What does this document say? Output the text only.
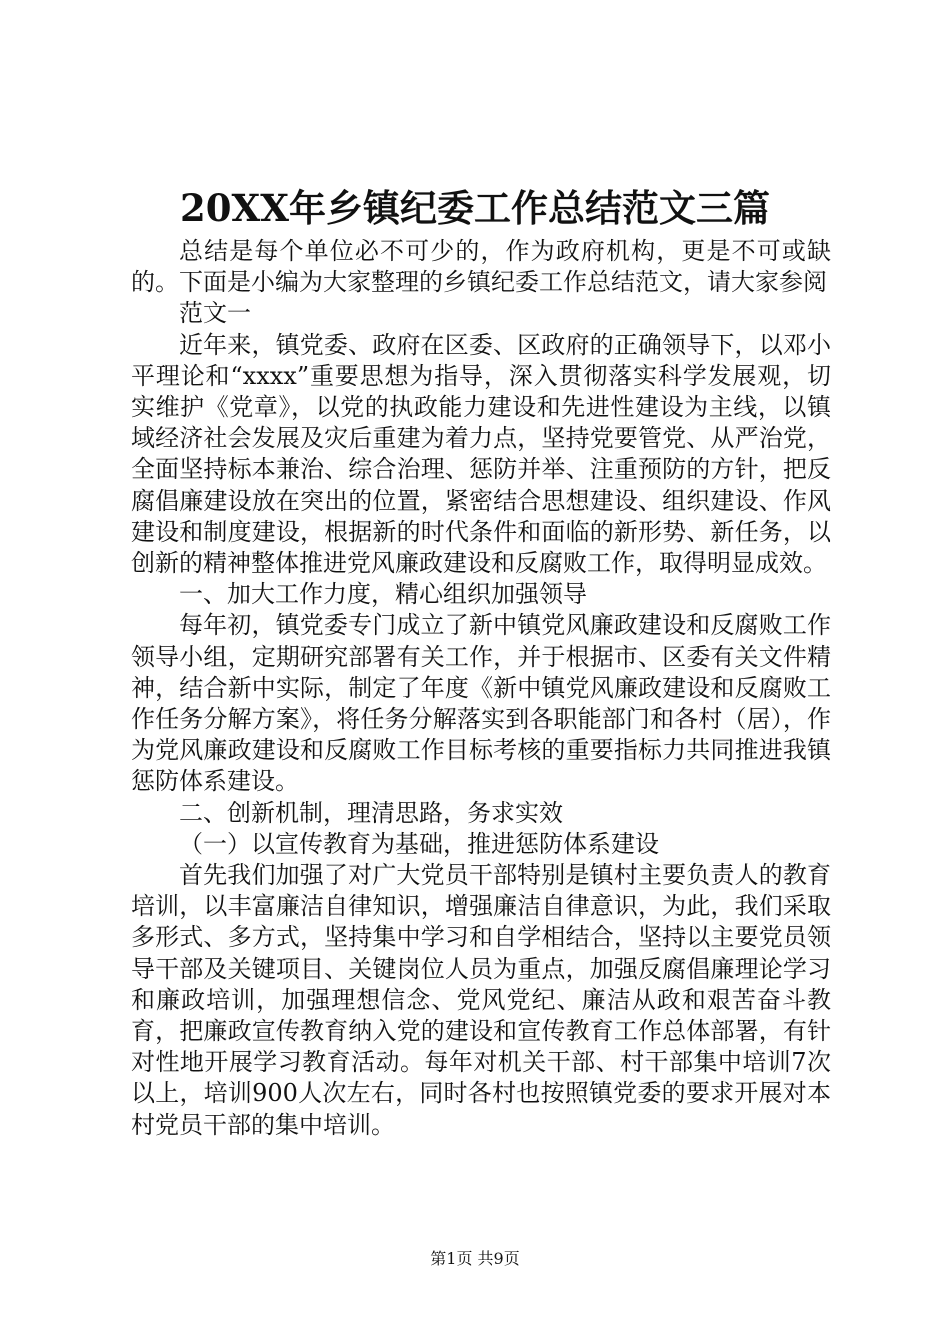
20XX年乡镇纪委工作总结范文三篇

总结是每个单位必不可少的，作为政府机构，更是不可或缺的。下面是小编为大家整理的乡镇纪委工作总结范文，请大家参阅

范文一

近年来，镇党委、政府在区委、区政府的正确领导下，以邓小平理论和“xxxx”重要思想为指导，深入贯彻落实科学发展观，切实维护《党章》，以党的执政能力建设和先进性建设为主线，以镇域经济社会发展及灾后重建为着力点，坚持党要管党、从严治党，全面坚持标本兼治、综合治理、惩防并举、注重预防的方针，把反腐倡廉建设放在突出的位置，紧密结合思想建设、组织建设、作风建设和制度建设，根据新的时代条件和面临的新形势、新任务，以创新的精神整体推进党风廉政建设和反腐败工作，取得明显成效。

一、加大工作力度，精心组织加强领导

每年初，镇党委专门成立了新中镇党风廉政建设和反腐败工作领导小组，定期研究部署有关工作，并于根据市、区委有关文件精神，结合新中实际，制定了年度《新中镇党风廉政建设和反腐败工作任务分解方案》，将任务分解落实到各职能部门和各村（居），作为党风廉政建设和反腐败工作目标考核的重要指标力共同推进我镇惩防体系建设。

二、创新机制，理清思路，务求实效

（一）以宣传教育为基础，推进惩防体系建设

首先我们加强了对广大党员干部特别是镇村主要负责人的教育培训，以丰富廉洁自律知识，增强廉洁自律意识，为此，我们采取多形式、多方式，坚持集中学习和自学相结合，坚持以主要党员领导干部及关键项目、关键岗位人员为重点，加强反腐倡廉理论学习和廉政培训，加强理想信念、党风党纪、廉洁从政和艰苦奋斗教育，把廉政宣传教育纳入党的建设和宣传教育工作总体部署，有针对性地开展学习教育活动。每年对机关干部、村干部集中培训7次以上，培训900人次左右，同时各村也按照镇党委的要求开展对本村党员干部的集中培训。

第1页 共9页
